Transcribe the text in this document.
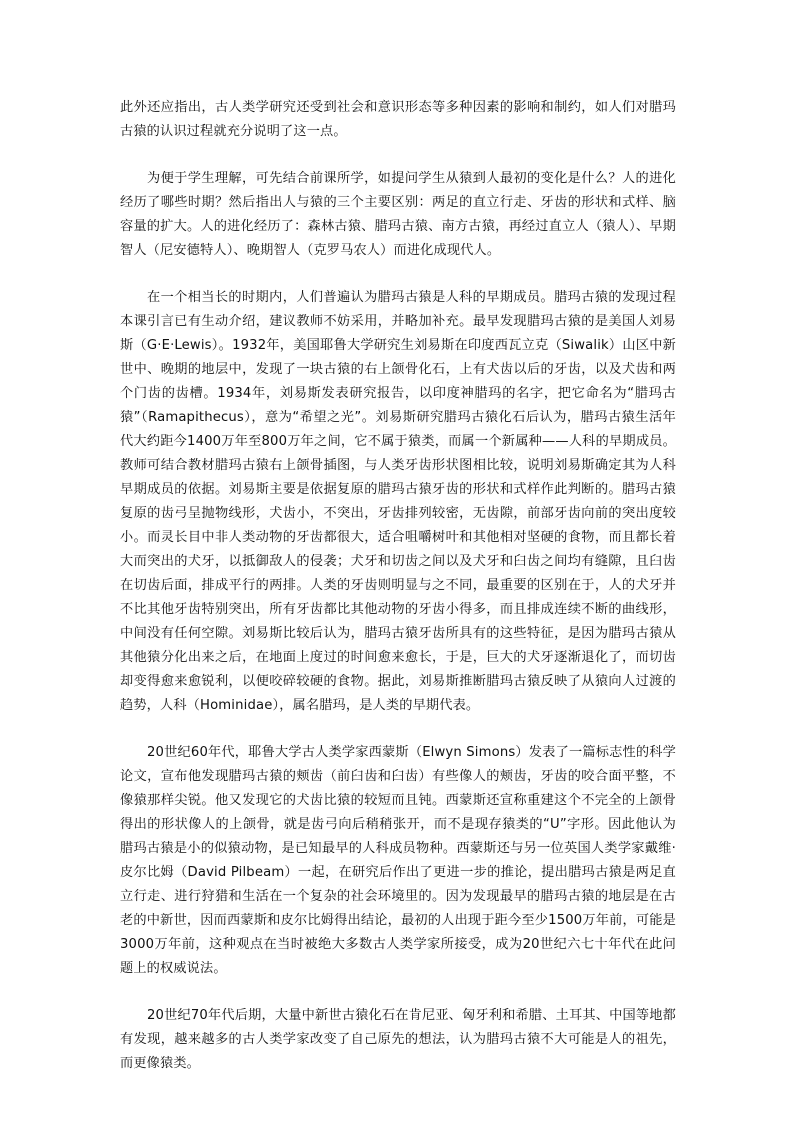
此外还应指出，古人类学研究还受到社会和意识形态等多种因素的影响和制约，如人们对腊玛古猿的认识过程就充分说明了这一点。

为便于学生理解，可先结合前课所学，如提问学生从猿到人最初的变化是什么？人的进化经历了哪些时期？然后指出人与猿的三个主要区别：两足的直立行走、牙齿的形状和式样、脑容量的扩大。人的进化经历了：森林古猿、腊玛古猿、南方古猿，再经过直立人（猿人）、早期智人（尼安德特人）、晚期智人（克罗马农人）而进化成现代人。

在一个相当长的时期内，人们普遍认为腊玛古猿是人科的早期成员。腊玛古猿的发现过程本课引言已有生动介绍，建议教师不妨采用，并略加补充。最早发现腊玛古猿的是美国人刘易斯（G·E·Lewis）。1932年，美国耶鲁大学研究生刘易斯在印度西瓦立克（Siwalik）山区中新世中、晚期的地层中，发现了一块古猿的右上颌骨化石，上有犬齿以后的牙齿，以及犬齿和两个门齿的齿槽。1934年，刘易斯发表研究报告，以印度神腊玛的名字，把它命名为“腊玛古猿”（Ramapithecus），意为“希望之光”。刘易斯研究腊玛古猿化石后认为，腊玛古猿生活年代大约距今1400万年至800万年之间，它不属于猿类，而属一个新属种——人科的早期成员。教师可结合教材腊玛古猿右上颌骨插图，与人类牙齿形状图相比较，说明刘易斯确定其为人科早期成员的依据。刘易斯主要是依据复原的腊玛古猿牙齿的形状和式样作此判断的。腊玛古猿复原的齿弓呈抛物线形，犬齿小，不突出，牙齿排列较密，无齿隙，前部牙齿向前的突出度较小。而灵长目中非人类动物的牙齿都很大，适合咀嚼树叶和其他相对坚硬的食物，而且都长着大而突出的犬牙，以抵御敌人的侵袭；犬牙和切齿之间以及犬牙和臼齿之间均有缝隙，且臼齿在切齿后面，排成平行的两排。人类的牙齿则明显与之不同，最重要的区别在于，人的犬牙并不比其他牙齿特别突出，所有牙齿都比其他动物的牙齿小得多，而且排成连续不断的曲线形，中间没有任何空隙。刘易斯比较后认为，腊玛古猿牙齿所具有的这些特征，是因为腊玛古猿从其他猿分化出来之后，在地面上度过的时间愈来愈长，于是，巨大的犬牙逐渐退化了，而切齿却变得愈来愈锐利，以便咬碎较硬的食物。据此，刘易斯推断腊玛古猿反映了从猿向人过渡的趋势，人科（Hominidae），属名腊玛，是人类的早期代表。

20世纪60年代，耶鲁大学古人类学家西蒙斯（Elwyn Simons）发表了一篇标志性的科学论文，宣布他发现腊玛古猿的颊齿（前臼齿和臼齿）有些像人的颊齿，牙齿的咬合面平整，不像猿那样尖锐。他又发现它的犬齿比猿的较短而且钝。西蒙斯还宣称重建这个不完全的上颌骨得出的形状像人的上颌骨，就是齿弓向后稍稍张开，而不是现存猿类的“U”字形。因此他认为腊玛古猿是小的似猿动物，是已知最早的人科成员物种。西蒙斯还与另一位英国人类学家戴维·皮尔比姆（David Pilbeam）一起，在研究后作出了更进一步的推论，提出腊玛古猿是两足直立行走、进行狩猎和生活在一个复杂的社会环境里的。因为发现最早的腊玛古猿的地层是在古老的中新世，因而西蒙斯和皮尔比姆得出结论，最初的人出现于距今至少1500万年前，可能是3000万年前，这种观点在当时被绝大多数古人类学家所接受，成为20世纪六七十年代在此问题上的权威说法。

20世纪70年代后期，大量中新世古猿化石在肯尼亚、匈牙利和希腊、土耳其、中国等地都有发现，越来越多的古人类学家改变了自己原先的想法，认为腊玛古猿不大可能是人的祖先，而更像猿类。
